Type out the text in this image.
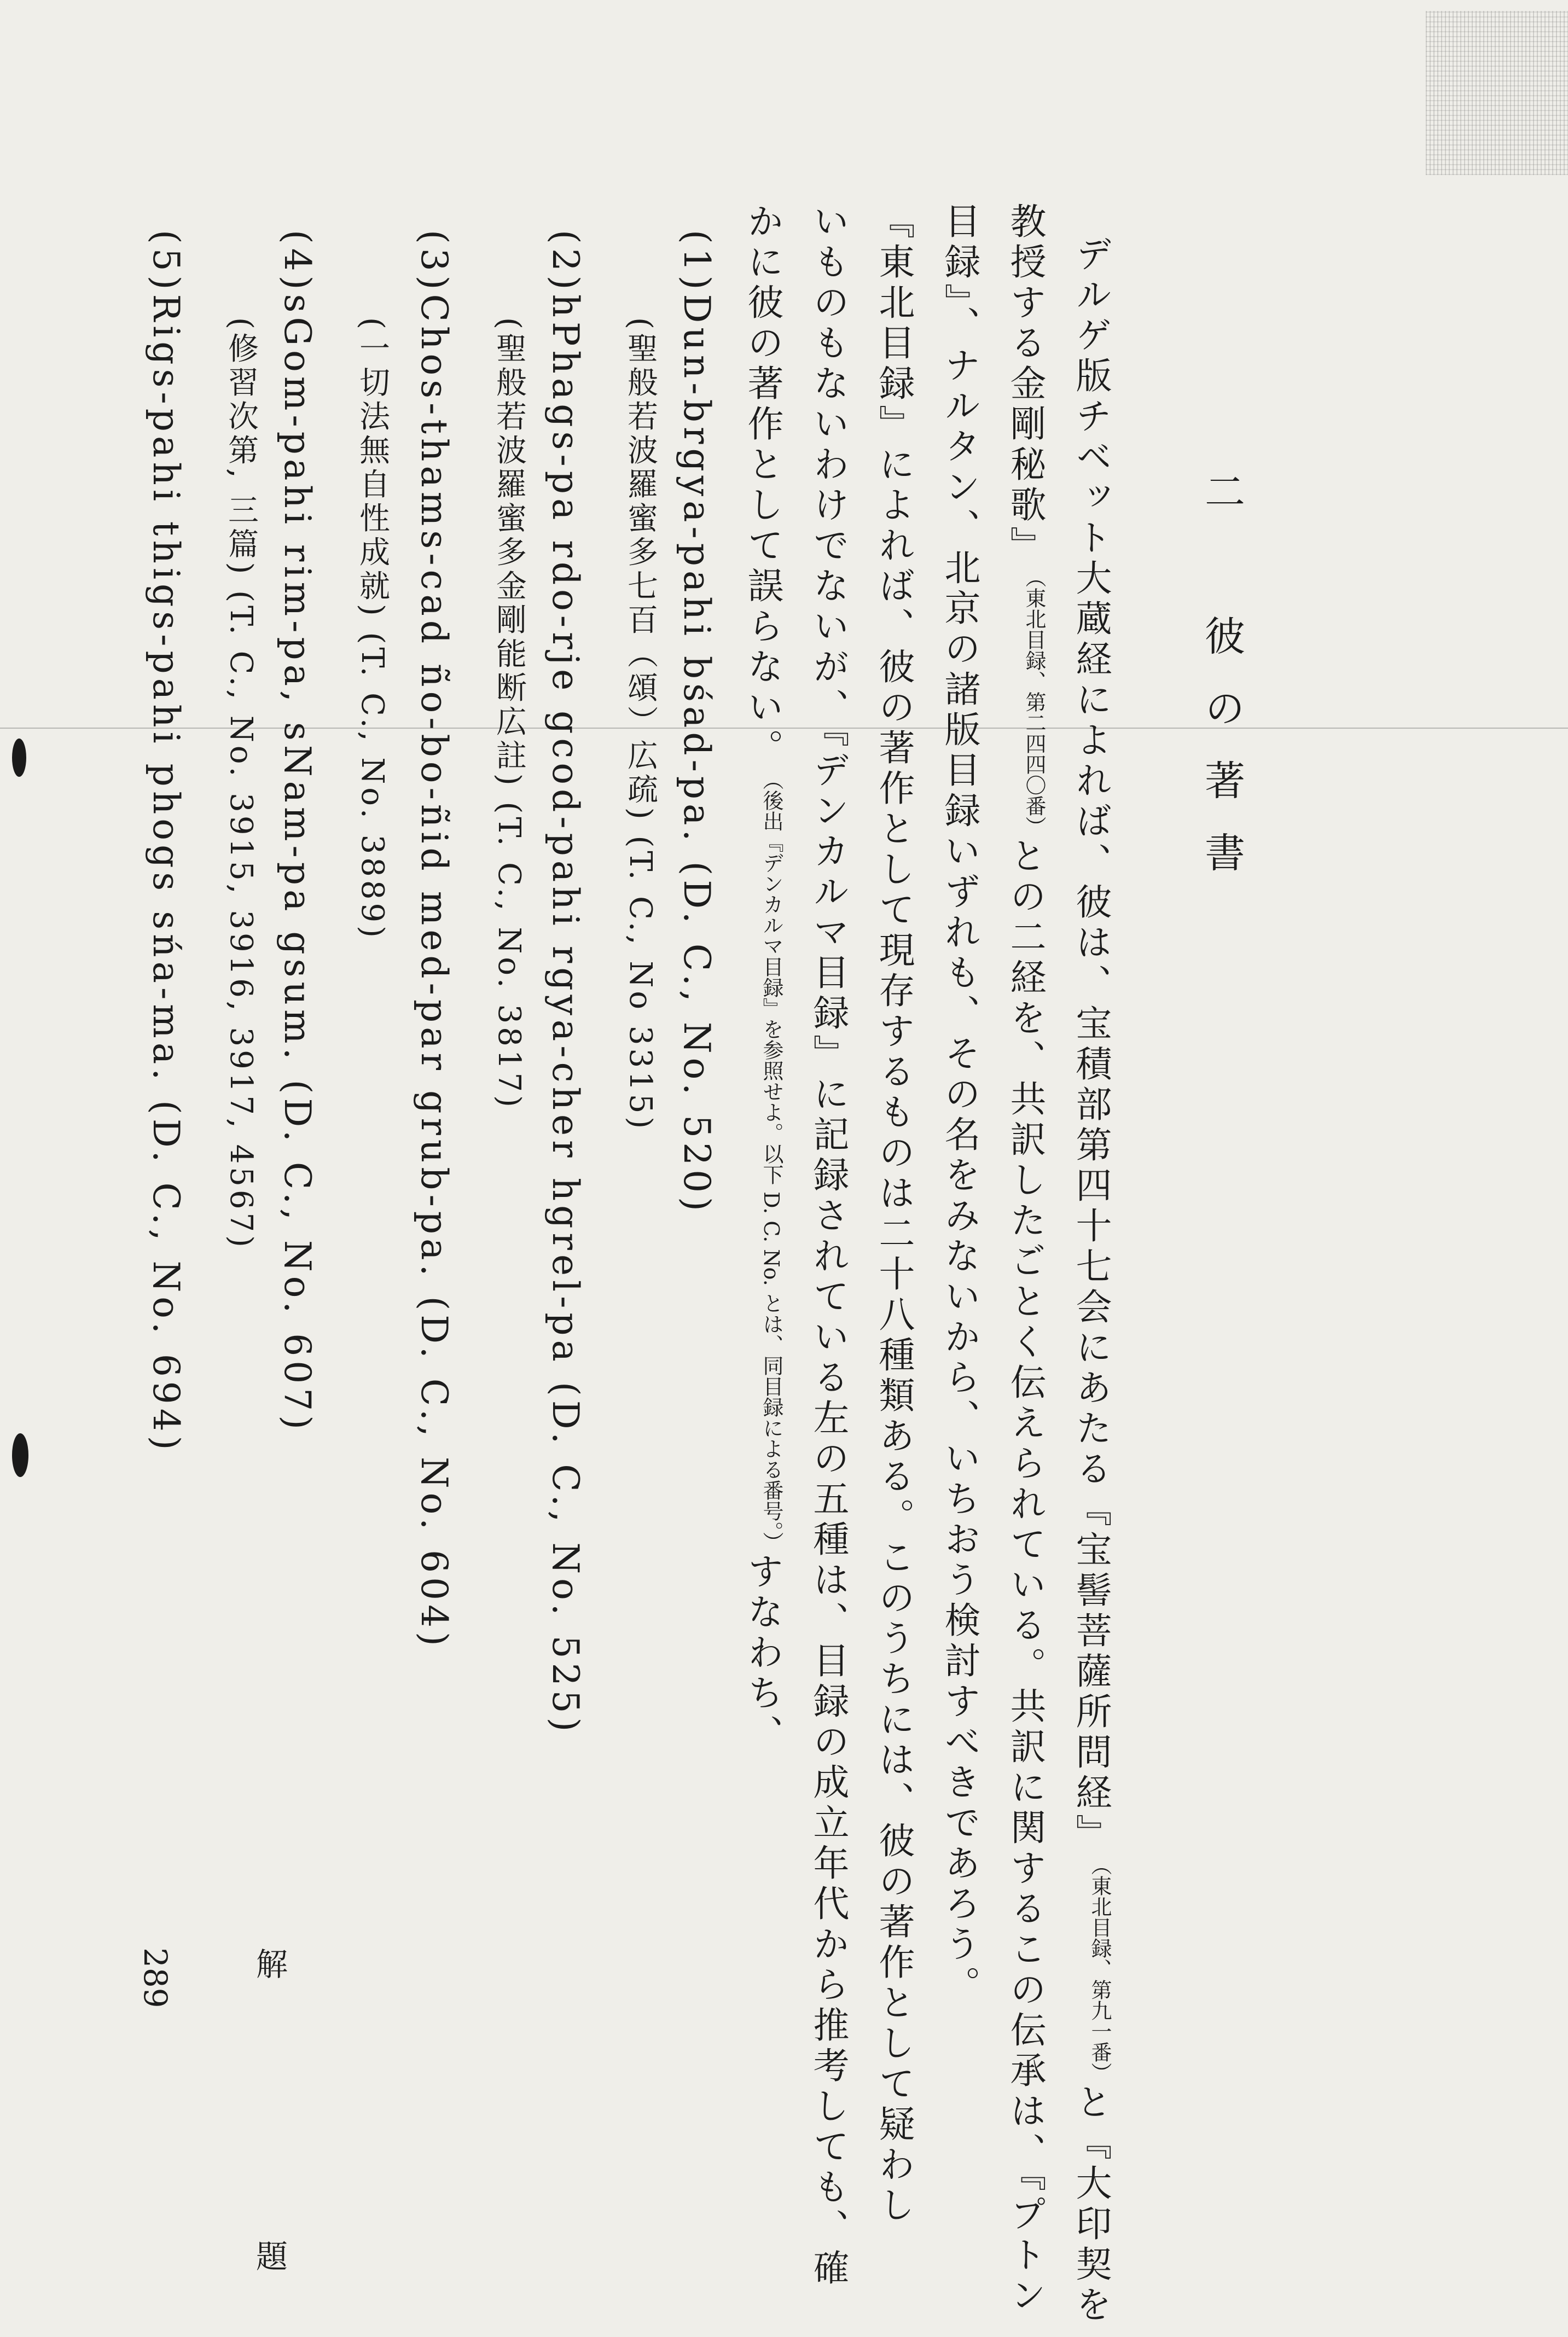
二　彼の著書
デルゲ版チベット大蔵経によれば、彼は、宝積部第四十七会にあたる『宝髻菩薩所問経』（東北目録、第九一番）と『大印契を
教授する金剛秘歌』（東北目録、第二四四〇番）との二経を、共訳したごとく伝えられている。共訳に関するこの伝承は、『プトン
目録』、ナルタン、北京の諸版目録いずれも、その名をみないから、いちおう検討すべきであろう。
『東北目録』によれば、彼の著作として現存するものは二十八種類ある。このうちには、彼の著作として疑わし
いものもないわけでないが、『デンカルマ目録』に記録されている左の五種は、目録の成立年代から推考しても、確
かに彼の著作として誤らない。（後出『デンカルマ目録』を参照せよ。以下 D. C. No. とは、同目録による番号。）すなわち、
(1)Dun-brgya-pahi bśad-pa. (D. C., No. 520)
(聖般若波羅蜜多七百（頌）広疏) (T. C., No 3315)
(2)hPhags-pa rdo-rje gcod-pahi rgya-cher hgrel-pa (D. C., No. 525)
(聖般若波羅蜜多金剛能断広註) (T. C., No. 3817)
(3)Chos-thams-cad ño-bo-ñid med-par grub-pa. (D. C., No. 604)
(一切法無自性成就) (T. C., No. 3889)
(4)sGom-pahi rim-pa, sNam-pa gsum. (D. C., No. 607)
(修習次第, 三篇) (T. C., No. 3915, 3916, 3917, 4567)
(5)Rigs-pahi thigs-pahi phogs sńa-ma. (D. C., No. 694)
289 解　　題
